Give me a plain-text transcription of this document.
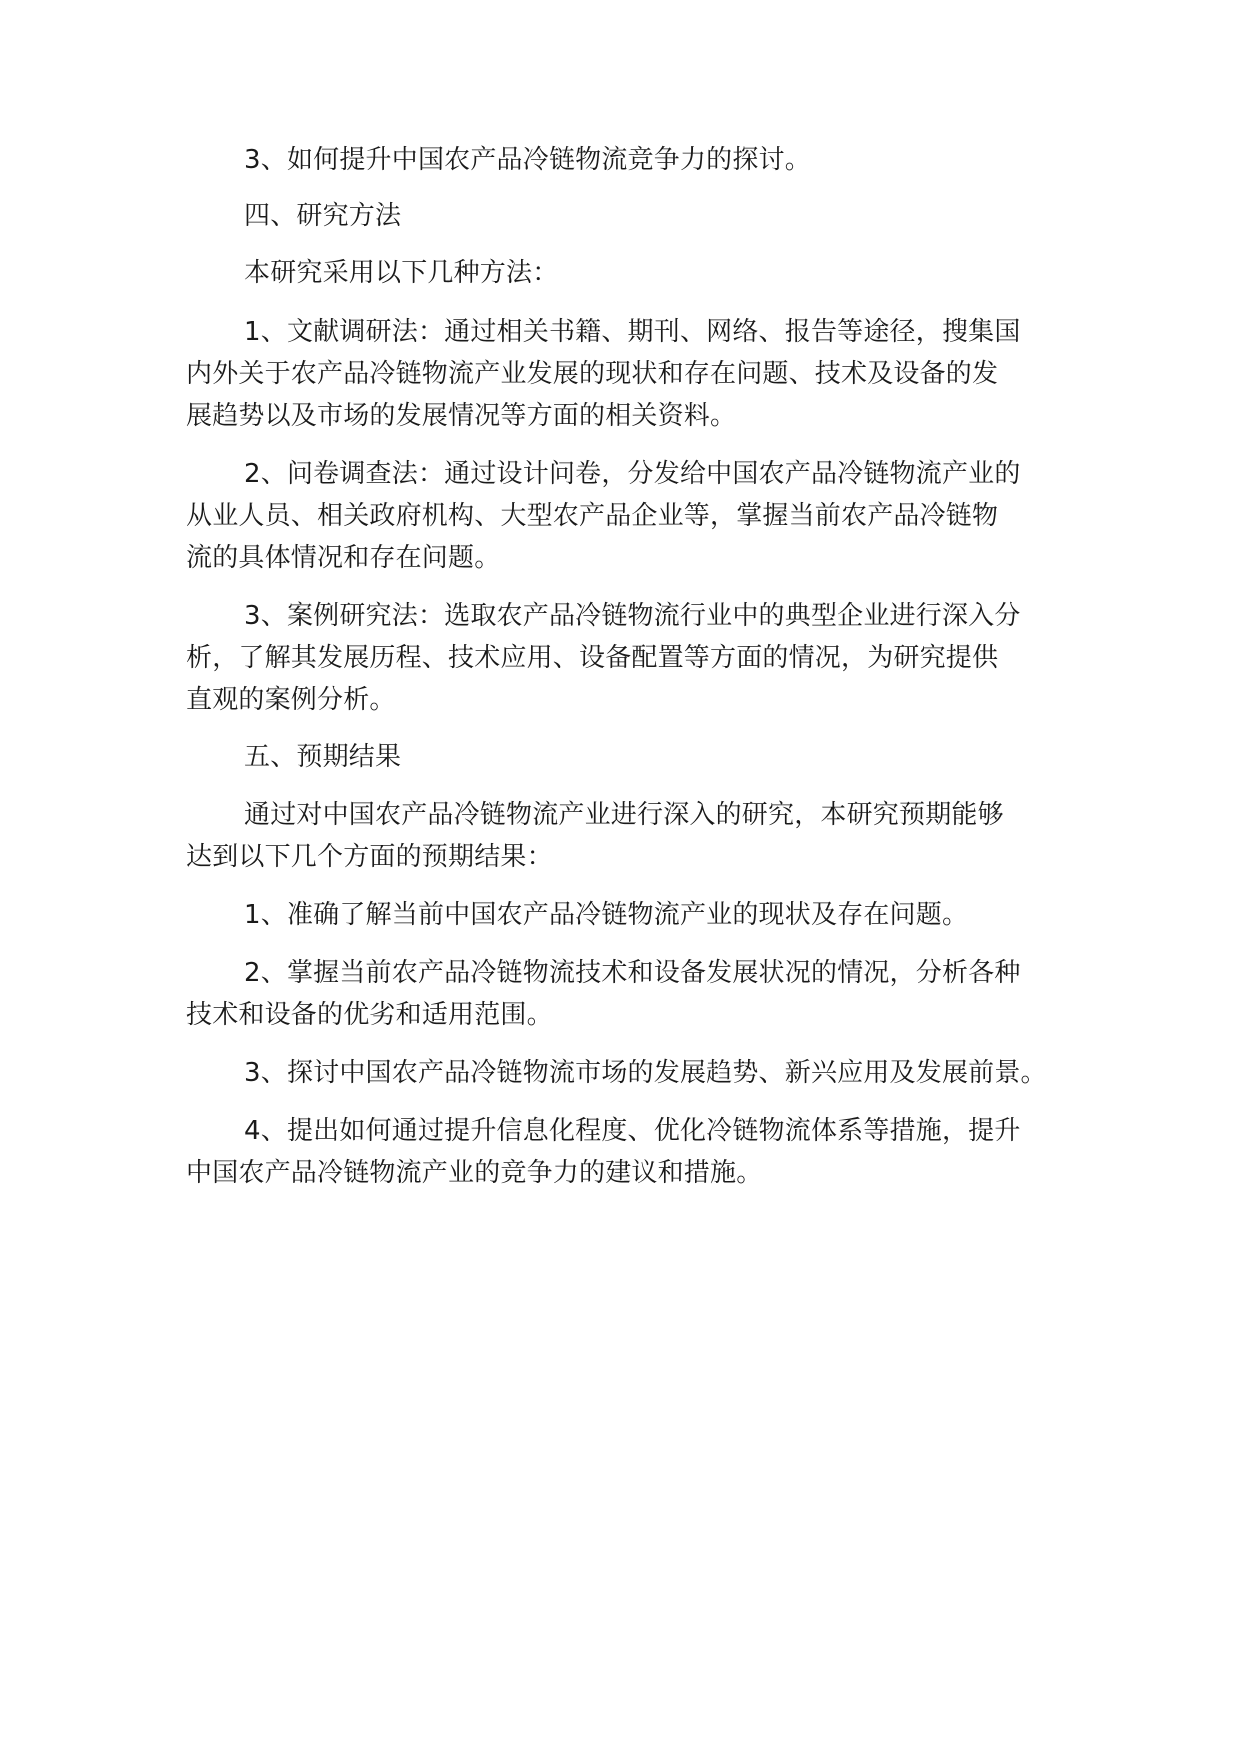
3、如何提升中国农产品冷链物流竞争力的探讨。
四、研究方法
本研究采用以下几种方法：
1、文献调研法：通过相关书籍、期刊、网络、报告等途径，搜集国
内外关于农产品冷链物流产业发展的现状和存在问题、技术及设备的发
展趋势以及市场的发展情况等方面的相关资料。
2、问卷调查法：通过设计问卷，分发给中国农产品冷链物流产业的
从业人员、相关政府机构、大型农产品企业等，掌握当前农产品冷链物
流的具体情况和存在问题。
3、案例研究法：选取农产品冷链物流行业中的典型企业进行深入分
析，了解其发展历程、技术应用、设备配置等方面的情况，为研究提供
直观的案例分析。
五、预期结果
通过对中国农产品冷链物流产业进行深入的研究，本研究预期能够
达到以下几个方面的预期结果：
1、准确了解当前中国农产品冷链物流产业的现状及存在问题。
2、掌握当前农产品冷链物流技术和设备发展状况的情况，分析各种
技术和设备的优劣和适用范围。
3、探讨中国农产品冷链物流市场的发展趋势、新兴应用及发展前景。
4、提出如何通过提升信息化程度、优化冷链物流体系等措施，提升
中国农产品冷链物流产业的竞争力的建议和措施。
